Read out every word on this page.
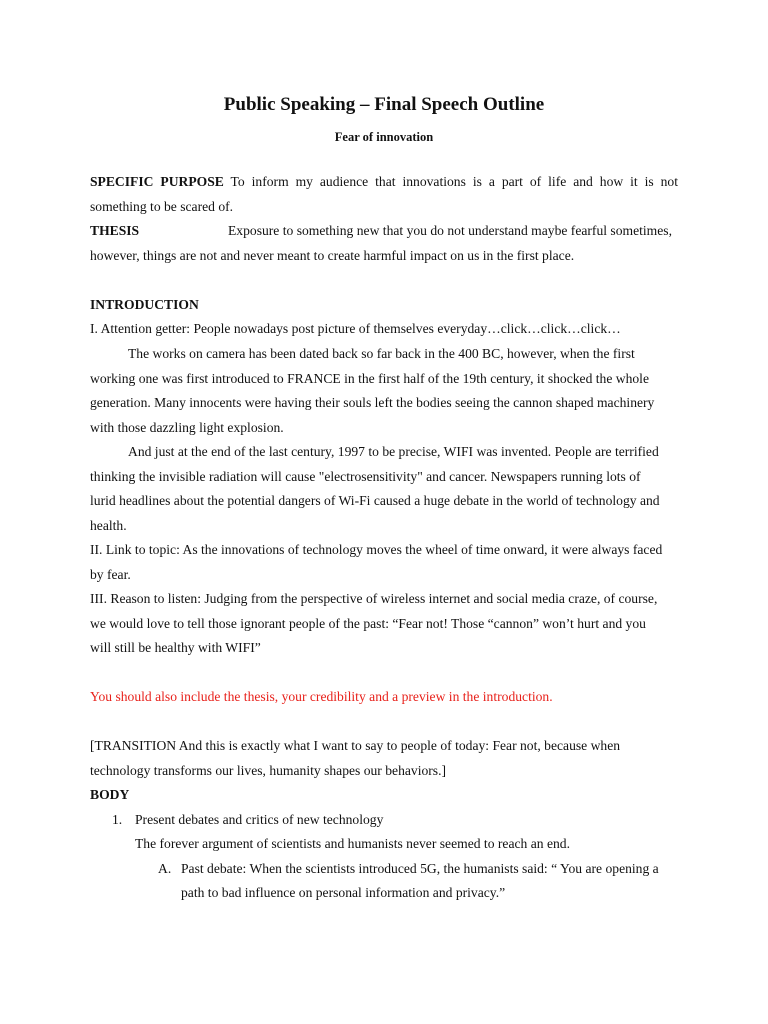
Public Speaking – Final Speech Outline
Fear of innovation
SPECIFIC PURPOSE To inform my audience that innovations is a part of life and how it is not
something to be scared of.
THESIS	Exposure to something new that you do not understand maybe fearful sometimes,
however, things are not and never meant to create harmful impact on us in the first place.
INTRODUCTION
I. Attention getter: People nowadays post picture of themselves everyday…click…click…click…
The works on camera has been dated back so far back in the 400 BC, however, when the first
working one was first introduced to FRANCE in the first half of the 19th century, it shocked the whole
generation. Many innocents were having their souls left the bodies seeing the cannon shaped machinery
with those dazzling light explosion.
And just at the end of the last century, 1997 to be precise, WIFI was invented. People are terrified
thinking the invisible radiation will cause "electrosensitivity" and cancer. Newspapers running lots of
lurid headlines about the potential dangers of Wi-Fi caused a huge debate in the world of technology and
health.
II. Link to topic: As the innovations of technology moves the wheel of time onward, it were always faced
by fear.
III. Reason to listen: Judging from the perspective of wireless internet and social media craze, of course,
we would love to tell those ignorant people of the past: “Fear not! Those “cannon” won’t hurt and you
will still be healthy with WIFI”
You should also include the thesis, your credibility and a preview in the introduction.
[TRANSITION And this is exactly what I want to say to people of today: Fear not, because when
technology transforms our lives, humanity shapes our behaviors.]
BODY
1. Present debates and critics of new technology
The forever argument of scientists and humanists never seemed to reach an end.
A. Past debate: When the scientists introduced 5G, the humanists said: “ You are opening a
path to bad influence on personal information and privacy.”
